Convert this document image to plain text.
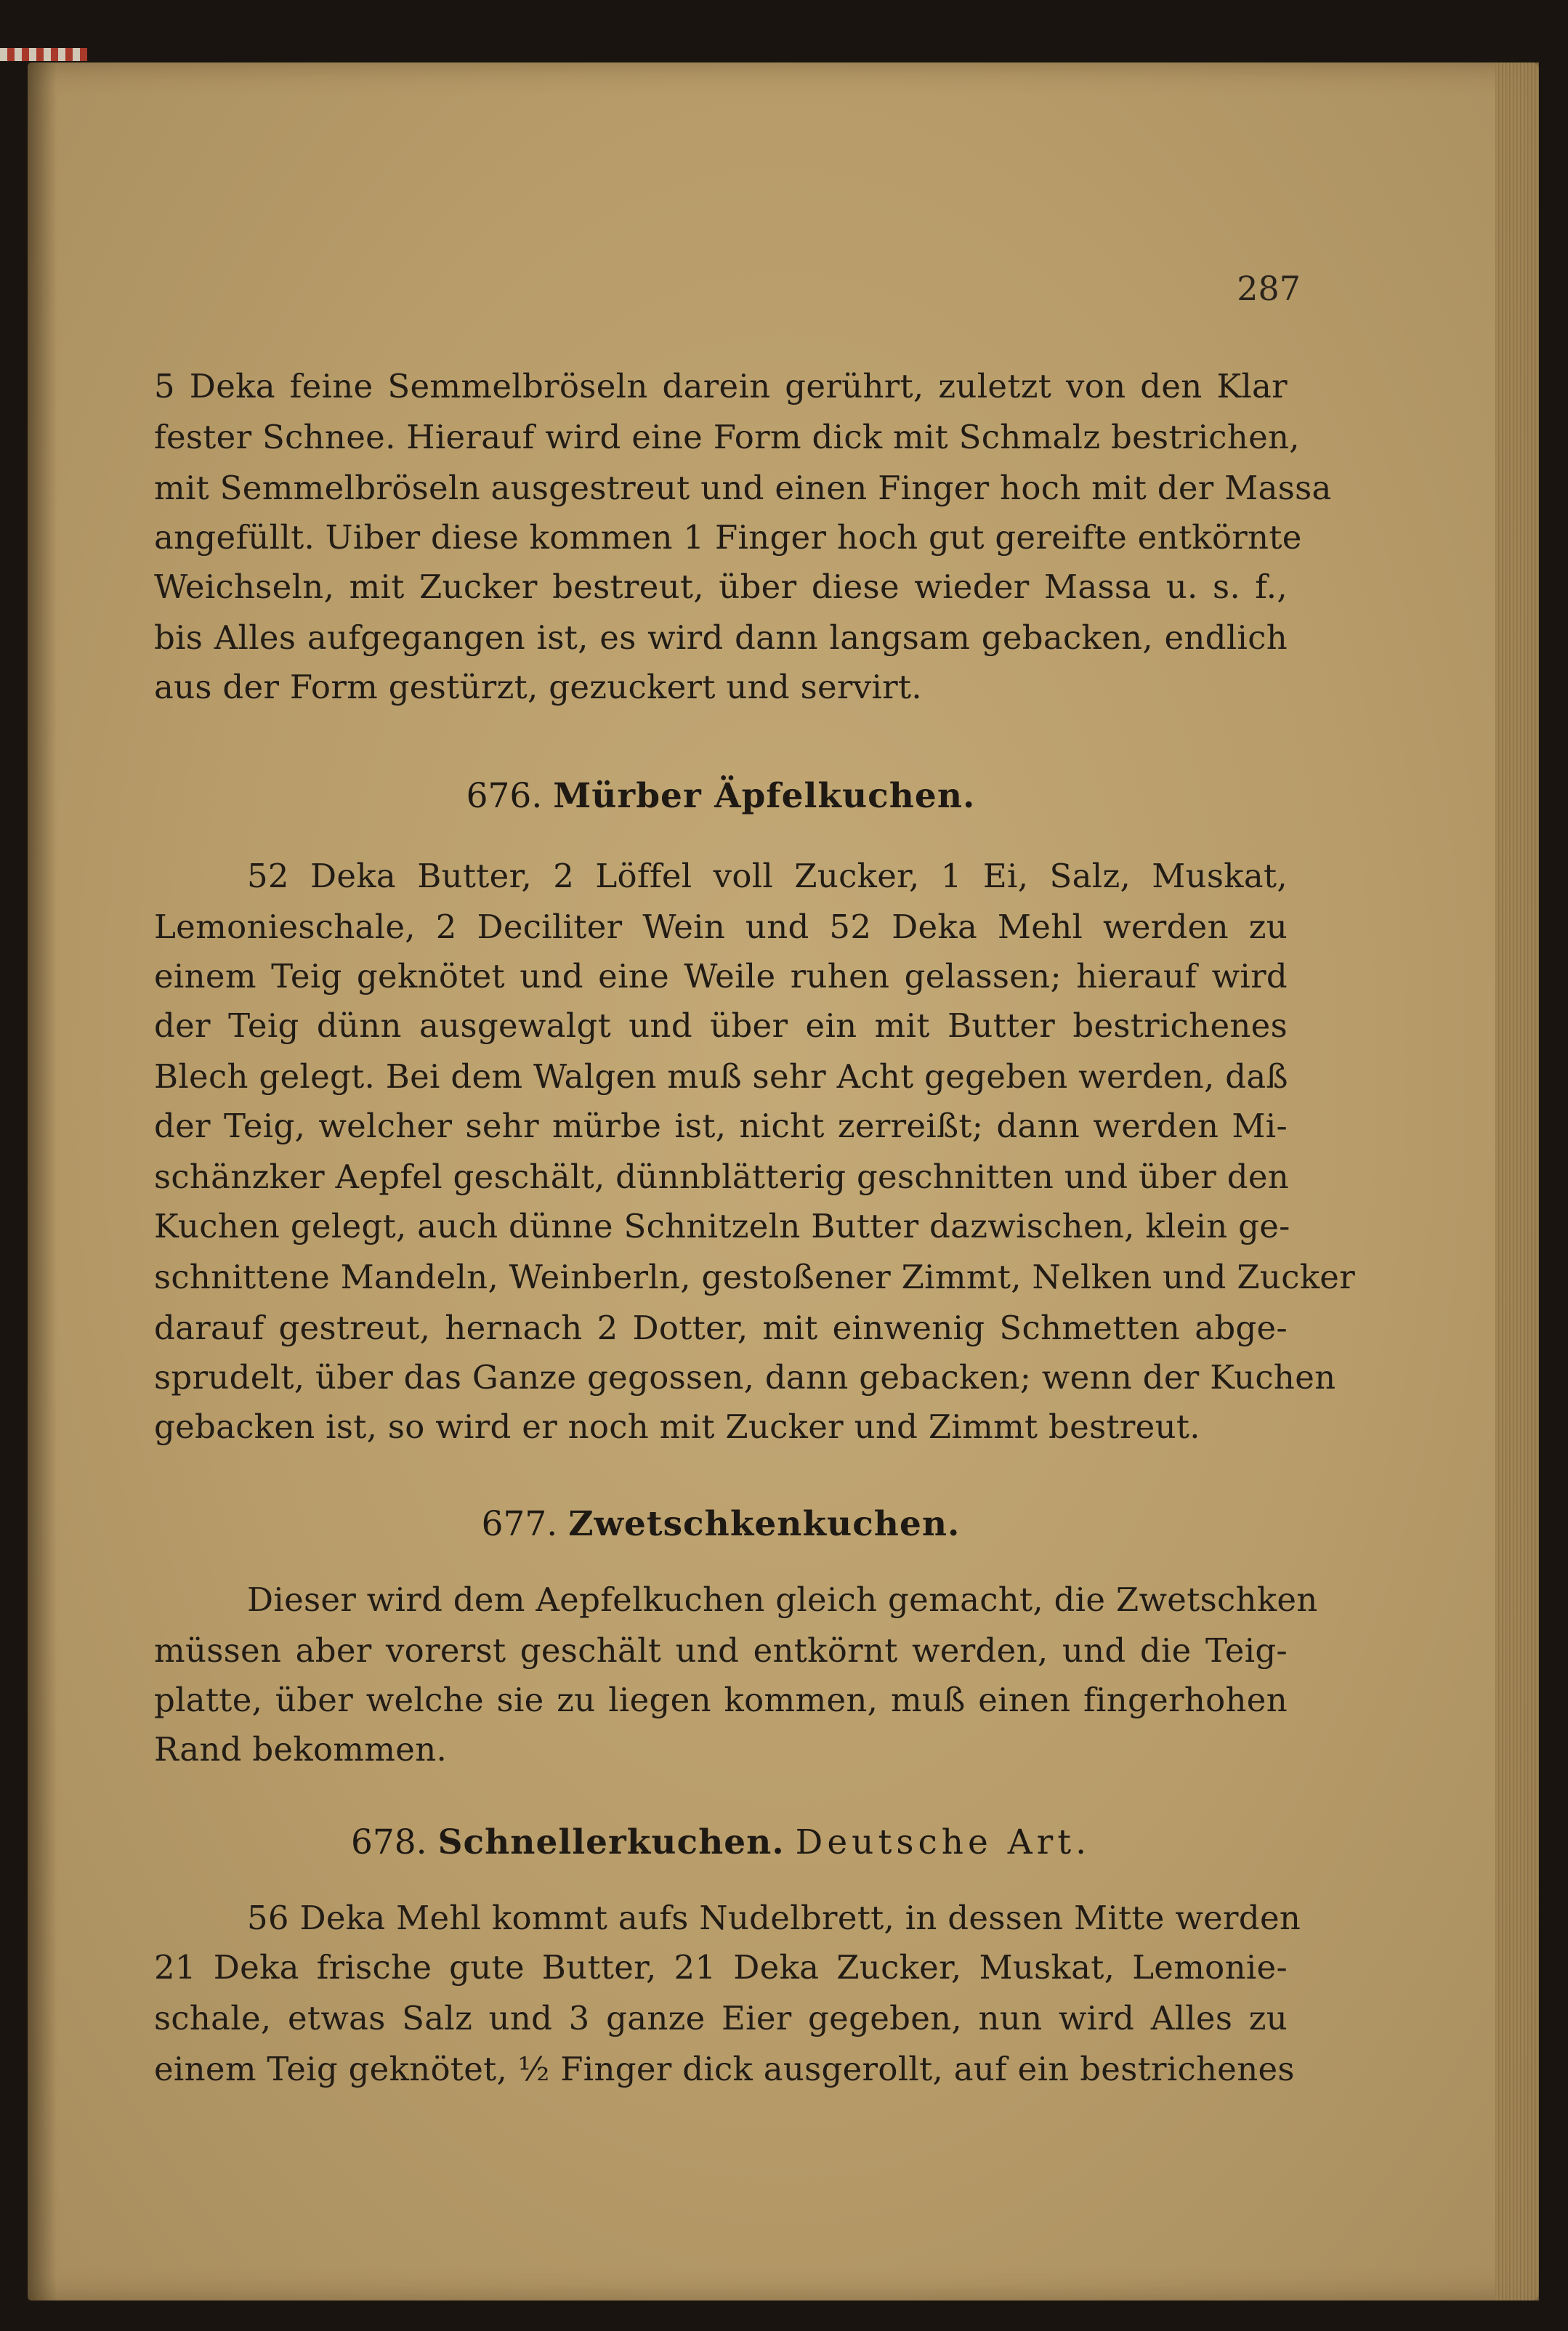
287
5 Deka feine Semmelbröseln darein gerührt, zuletzt von den Klar
fester Schnee. Hierauf wird eine Form dick mit Schmalz bestrichen,
mit Semmelbröseln ausgestreut und einen Finger hoch mit der Massa
angefüllt. Uiber diese kommen 1 Finger hoch gut gereifte entkörnte
Weichseln, mit Zucker bestreut, über diese wieder Massa u. s. f.,
bis Alles aufgegangen ist, es wird dann langsam gebacken, endlich
aus der Form gestürzt, gezuckert und servirt.
676. Mürber Äpfelkuchen.
52 Deka Butter, 2 Löffel voll Zucker, 1 Ei, Salz, Muskat,
Lemonieschale, 2 Deciliter Wein und 52 Deka Mehl werden zu
einem Teig geknötet und eine Weile ruhen gelassen; hierauf wird
der Teig dünn ausgewalgt und über ein mit Butter bestrichenes
Blech gelegt. Bei dem Walgen muß sehr Acht gegeben werden, daß
der Teig, welcher sehr mürbe ist, nicht zerreißt; dann werden Mi-
schänzker Aepfel geschält, dünnblätterig geschnitten und über den
Kuchen gelegt, auch dünne Schnitzeln Butter dazwischen, klein ge-
schnittene Mandeln, Weinberln, gestoßener Zimmt, Nelken und Zucker
darauf gestreut, hernach 2 Dotter, mit einwenig Schmetten abge-
sprudelt, über das Ganze gegossen, dann gebacken; wenn der Kuchen
gebacken ist, so wird er noch mit Zucker und Zimmt bestreut.
677. Zwetschkenkuchen.
Dieser wird dem Aepfelkuchen gleich gemacht, die Zwetschken
müssen aber vorerst geschält und entkörnt werden, und die Teig-
platte, über welche sie zu liegen kommen, muß einen fingerhohen
Rand bekommen.
678. Schnellerkuchen. Deutsche Art.
56 Deka Mehl kommt aufs Nudelbrett, in dessen Mitte werden
21 Deka frische gute Butter, 21 Deka Zucker, Muskat, Lemonie-
schale, etwas Salz und 3 ganze Eier gegeben, nun wird Alles zu
einem Teig geknötet, ½ Finger dick ausgerollt, auf ein bestrichenes
